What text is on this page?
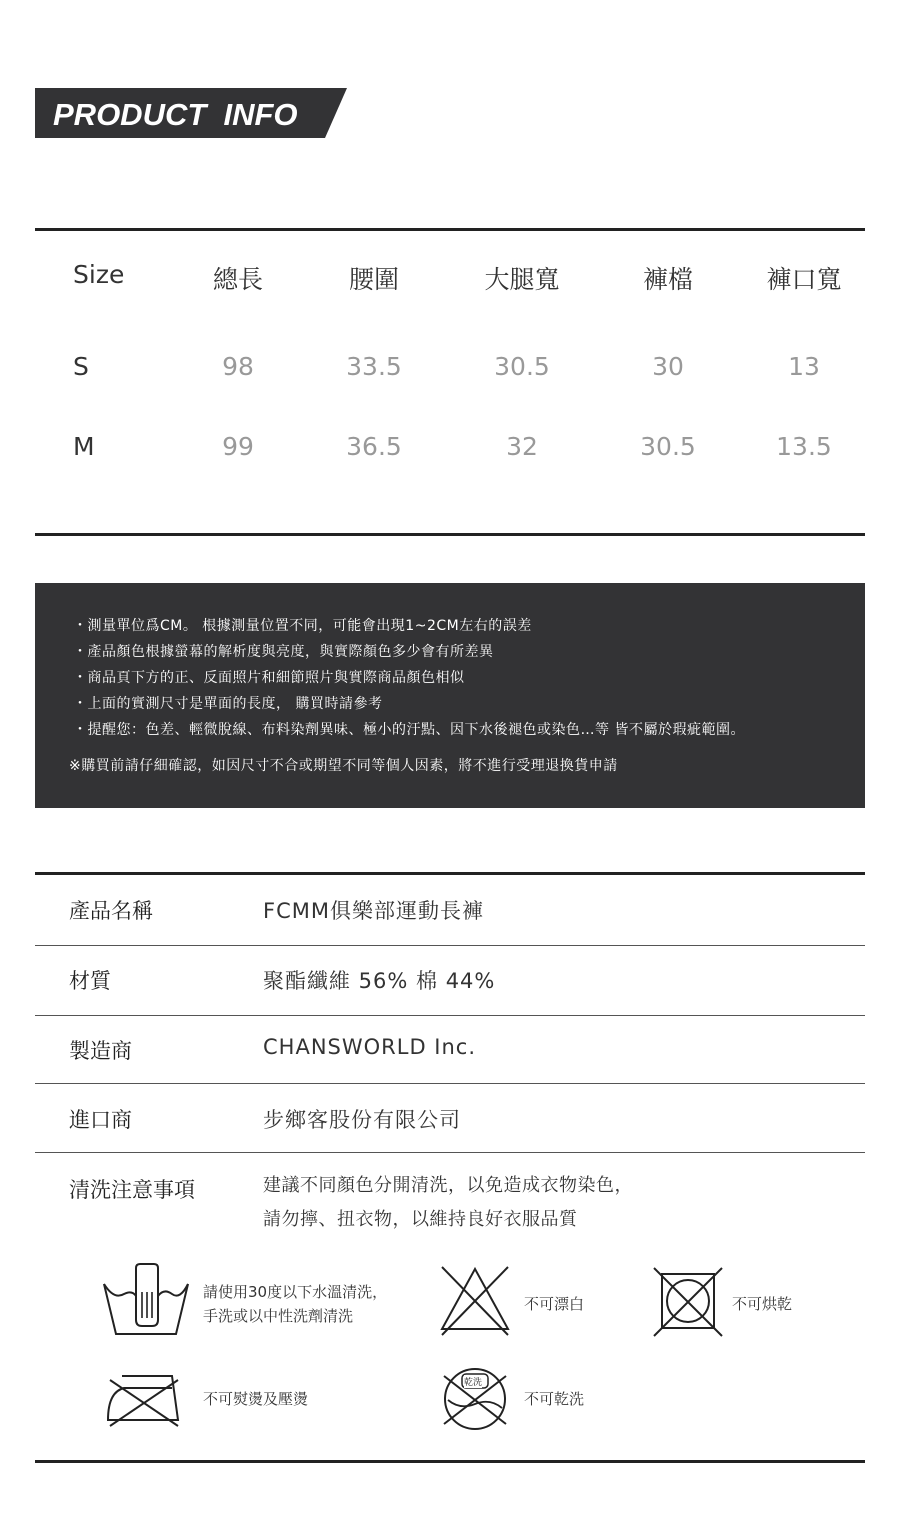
PRODUCT  INFO
Size	總長	腰圍	大腿寬	褲檔	褲口寬
S	98	33.5	30.5	30	13
M	99	36.5	32	30.5	13.5
・測量單位爲CM。 根據測量位置不同，可能會出現1~2CM左右的誤差
・產品顏色根據螢幕的解析度與亮度，與實際顏色多少會有所差異
・商品頁下方的正、反面照片和細節照片與實際商品顏色相似
・上面的實測尺寸是單面的長度， 購買時請參考
・提醒您：色差、輕微脫線、布料染劑異味、極小的汙點、因下水後褪色或染色…等 皆不屬於瑕疵範圍。
※購買前請仔細確認，如因尺寸不合或期望不同等個人因素，將不進行受理退換貨申請
產品名稱	FCMM俱樂部運動長褲
材質	聚酯纖維 56% 棉 44%
製造商	CHANSWORLD Inc.
進口商	步鄉客股份有限公司
清洗注意事項	建議不同顏色分開清洗，以免造成衣物染色，
請勿擰、扭衣物，以維持良好衣服品質
請使用30度以下水溫清洗，
手洗或以中性洗劑清洗
不可漂白	不可烘乾
不可熨燙及壓燙
乾洗
不可乾洗
